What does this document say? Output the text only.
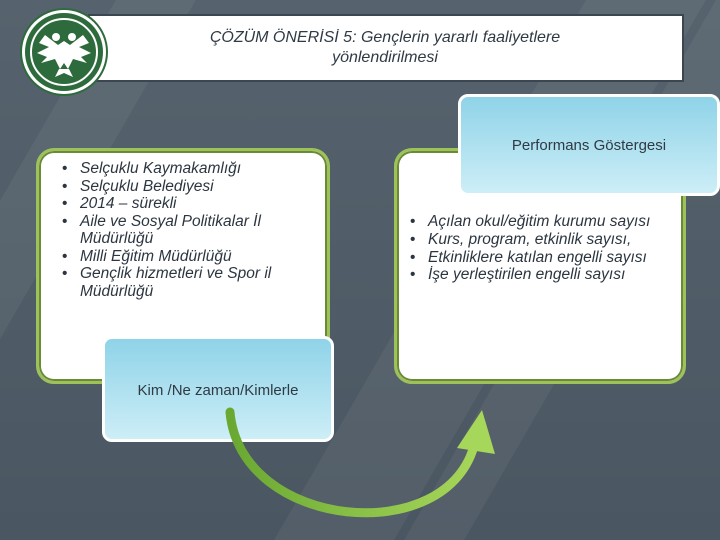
ÇÖZÜM ÖNERİSİ 5: Gençlerin yararlı faaliyetlere
yönlendirilmesi
• Selçuklu Kaymakamlığı
• Selçuklu Belediyesi
• 2014 – sürekli
• Aile ve Sosyal Politikalar İl Müdürlüğü
• Milli Eğitim Müdürlüğü
• Gençlik hizmetleri ve Spor il Müdürlüğü
• Açılan okul/eğitim kurumu sayısı
• Kurs, program, etkinlik sayısı,
• Etkinliklere katılan engelli sayısı
• İşe yerleştirilen engelli sayısı
Performans Göstergesi
Kim /Ne zaman/Kimlerle
